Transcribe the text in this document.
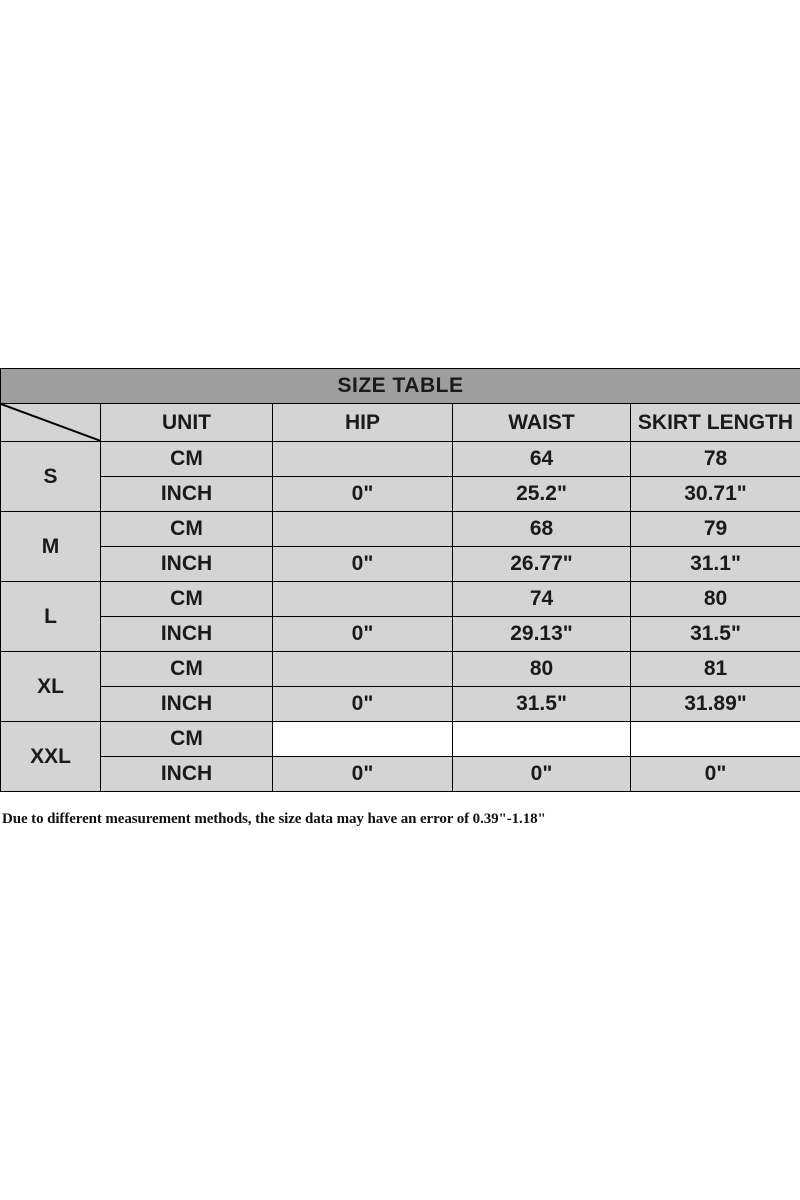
SIZE TABLE				

	UNIT	HIP	WAIST	SKIRT LENGTH
S	CM		64	78
	INCH	0"	25.2"	30.71"
M	CM		68	79
	INCH	0"	26.77"	31.1"
L	CM		74	80
	INCH	0"	29.13"	31.5"
XL	CM		80	81
	INCH	0"	31.5"	31.89"
XXL	CM			
	INCH	0"	0"	0"
Due to different measurement methods, the size data may have an error of 0.39"-1.18"
